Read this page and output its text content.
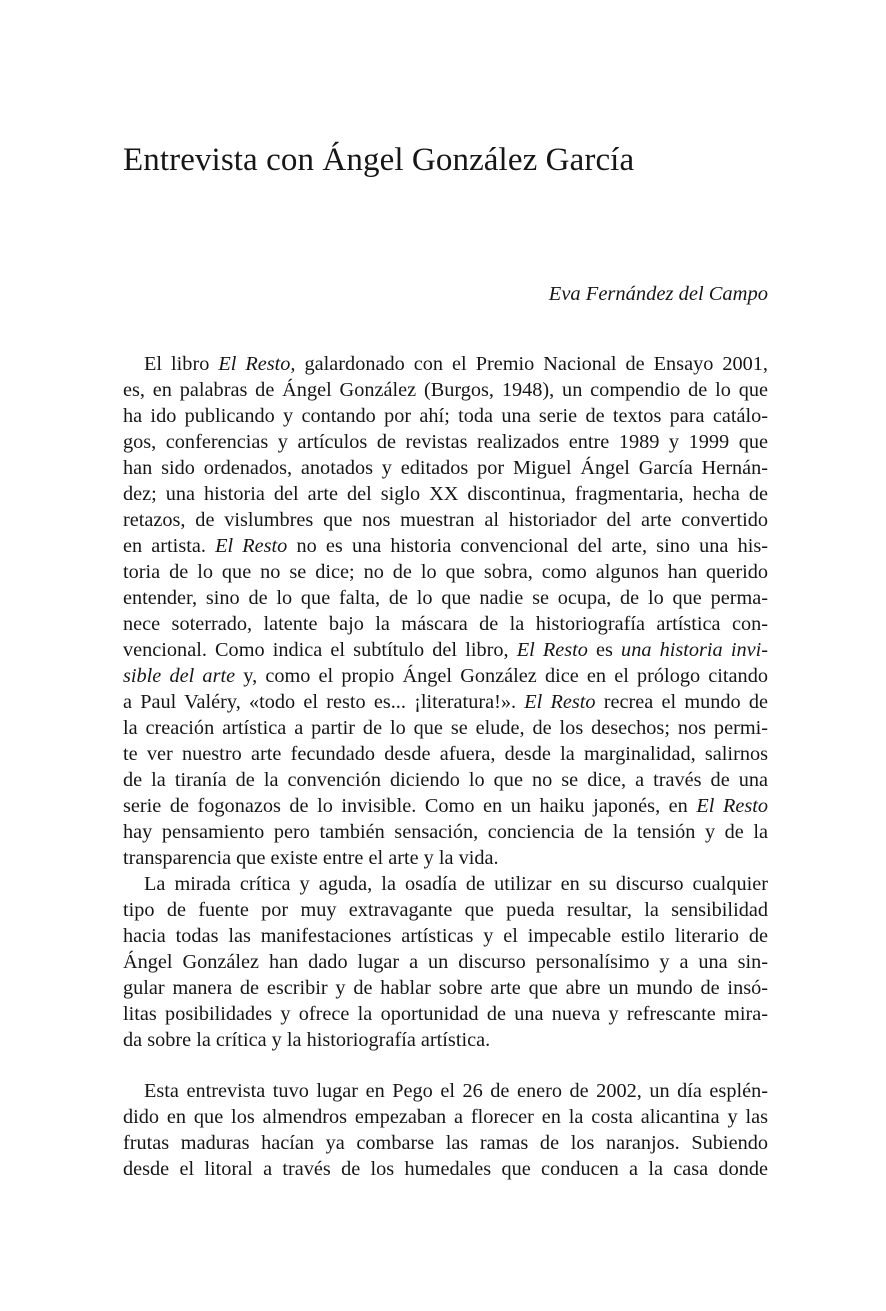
Entrevista con Ángel González García

Eva Fernández del Campo

El libro El Resto, galardonado con el Premio Nacional de Ensayo 2001,
es, en palabras de Ángel González (Burgos, 1948), un compendio de lo que
ha ido publicando y contando por ahí; toda una serie de textos para catálo-
gos, conferencias y artículos de revistas realizados entre 1989 y 1999 que
han sido ordenados, anotados y editados por Miguel Ángel García Hernán-
dez; una historia del arte del siglo XX discontinua, fragmentaria, hecha de
retazos, de vislumbres que nos muestran al historiador del arte convertido
en artista. El Resto no es una historia convencional del arte, sino una his-
toria de lo que no se dice; no de lo que sobra, como algunos han querido
entender, sino de lo que falta, de lo que nadie se ocupa, de lo que perma-
nece soterrado, latente bajo la máscara de la historiografía artística con-
vencional. Como indica el subtítulo del libro, El Resto es una historia invi-
sible del arte y, como el propio Ángel González dice en el prólogo citando
a Paul Valéry, «todo el resto es... ¡literatura!». El Resto recrea el mundo de
la creación artística a partir de lo que se elude, de los desechos; nos permi-
te ver nuestro arte fecundado desde afuera, desde la marginalidad, salirnos
de la tiranía de la convención diciendo lo que no se dice, a través de una
serie de fogonazos de lo invisible. Como en un haiku japonés, en El Resto
hay pensamiento pero también sensación, conciencia de la tensión y de la
transparencia que existe entre el arte y la vida.
La mirada crítica y aguda, la osadía de utilizar en su discurso cualquier
tipo de fuente por muy extravagante que pueda resultar, la sensibilidad
hacia todas las manifestaciones artísticas y el impecable estilo literario de
Ángel González han dado lugar a un discurso personalísimo y a una sin-
gular manera de escribir y de hablar sobre arte que abre un mundo de insó-
litas posibilidades y ofrece la oportunidad de una nueva y refrescante mira-
da sobre la crítica y la historiografía artística.
Esta entrevista tuvo lugar en Pego el 26 de enero de 2002, un día esplén-
dido en que los almendros empezaban a florecer en la costa alicantina y las
frutas maduras hacían ya combarse las ramas de los naranjos. Subiendo
desde el litoral a través de los humedales que conducen a la casa donde
